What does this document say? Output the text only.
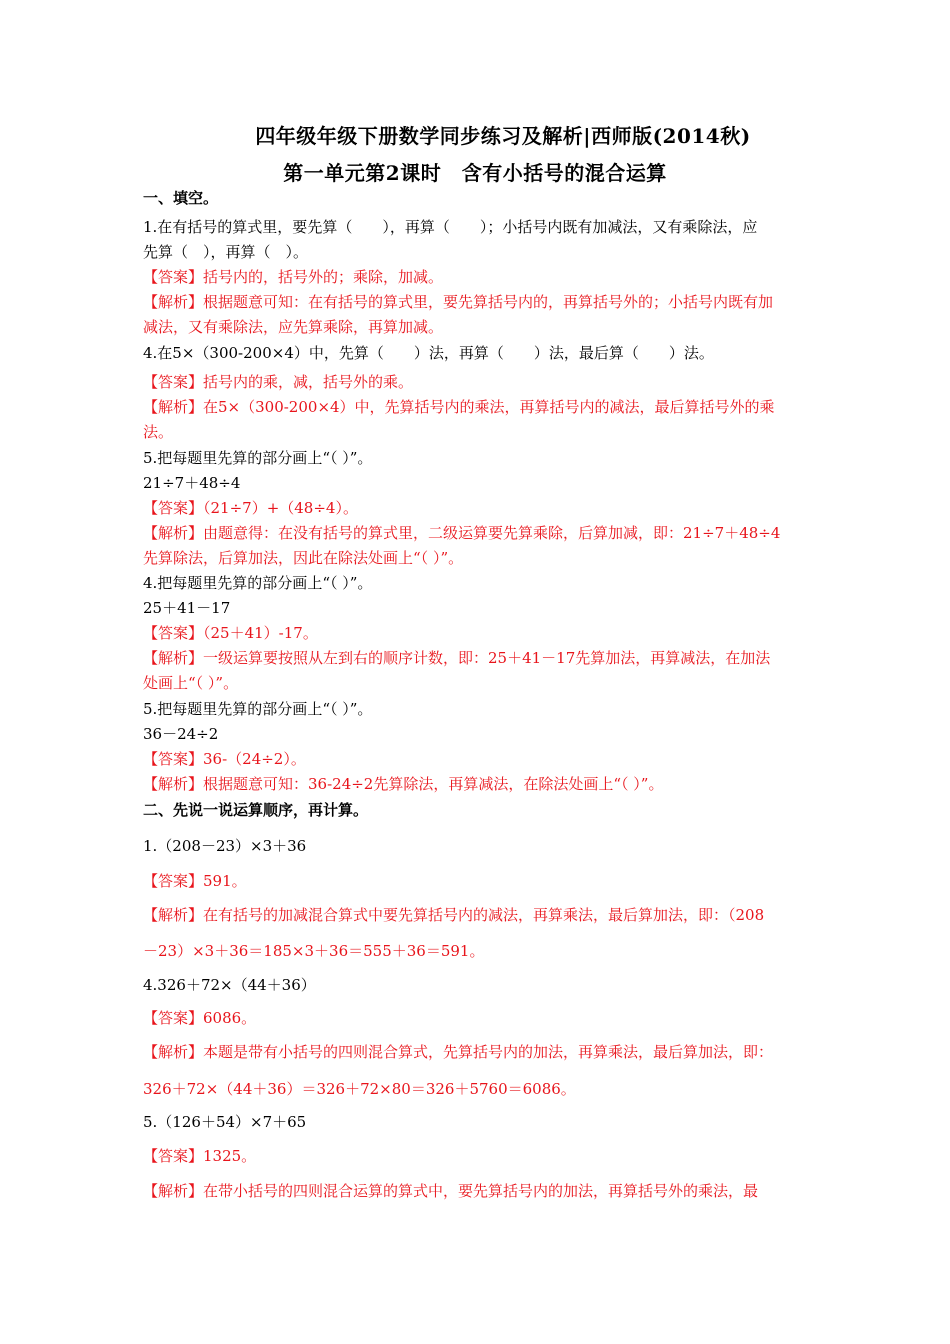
四年级年级下册数学同步练习及解析|西师版(2014秋)
第一单元第2课时　含有小括号的混合运算
一、填空。
1.在有括号的算式里，要先算（　　），再算（　　）；小括号内既有加减法，又有乘除法，应
先算（　），再算（　）。
【答案】括号内的，括号外的；乘除，加减。
【解析】根据题意可知：在有括号的算式里，要先算括号内的，再算括号外的；小括号内既有加
减法，又有乘除法，应先算乘除，再算加减。
4.在5×（300-200×4）中，先算（　　）法，再算（　　）法，最后算（　　）法。
【答案】括号内的乘，减，括号外的乘。
【解析】在5×（300-200×4）中，先算括号内的乘法，再算括号内的减法，最后算括号外的乘
法。
5.把每题里先算的部分画上“（ ）”。
21÷7＋48÷4
【答案】（21÷7）+（48÷4）。
【解析】由题意得：在没有括号的算式里，二级运算要先算乘除，后算加减，即：21÷7＋48÷4
先算除法，后算加法，因此在除法处画上“（ ）”。
4.把每题里先算的部分画上“（ ）”。
25＋41－17
【答案】（25＋41）-17。
【解析】一级运算要按照从左到右的顺序计数，即：25＋41－17先算加法，再算减法，在加法
处画上“（ ）”。
5.把每题里先算的部分画上“（ ）”。
36－24÷2
【答案】36-（24÷2）。
【解析】根据题意可知：36-24÷2先算除法，再算减法，在除法处画上“（ ）”。
二、先说一说运算顺序，再计算。
1.（208－23）×3＋36
【答案】591。
【解析】在有括号的加减混合算式中要先算括号内的减法，再算乘法，最后算加法，即：（208
－23）×3＋36＝185×3＋36＝555＋36＝591。
4.326＋72×（44＋36）
【答案】6086。
【解析】本题是带有小括号的四则混合算式，先算括号内的加法，再算乘法，最后算加法，即：
326＋72×（44＋36）＝326＋72×80＝326＋5760＝6086。
5.（126＋54）×7＋65
【答案】1325。
【解析】在带小括号的四则混合运算的算式中，要先算括号内的加法，再算括号外的乘法，最
